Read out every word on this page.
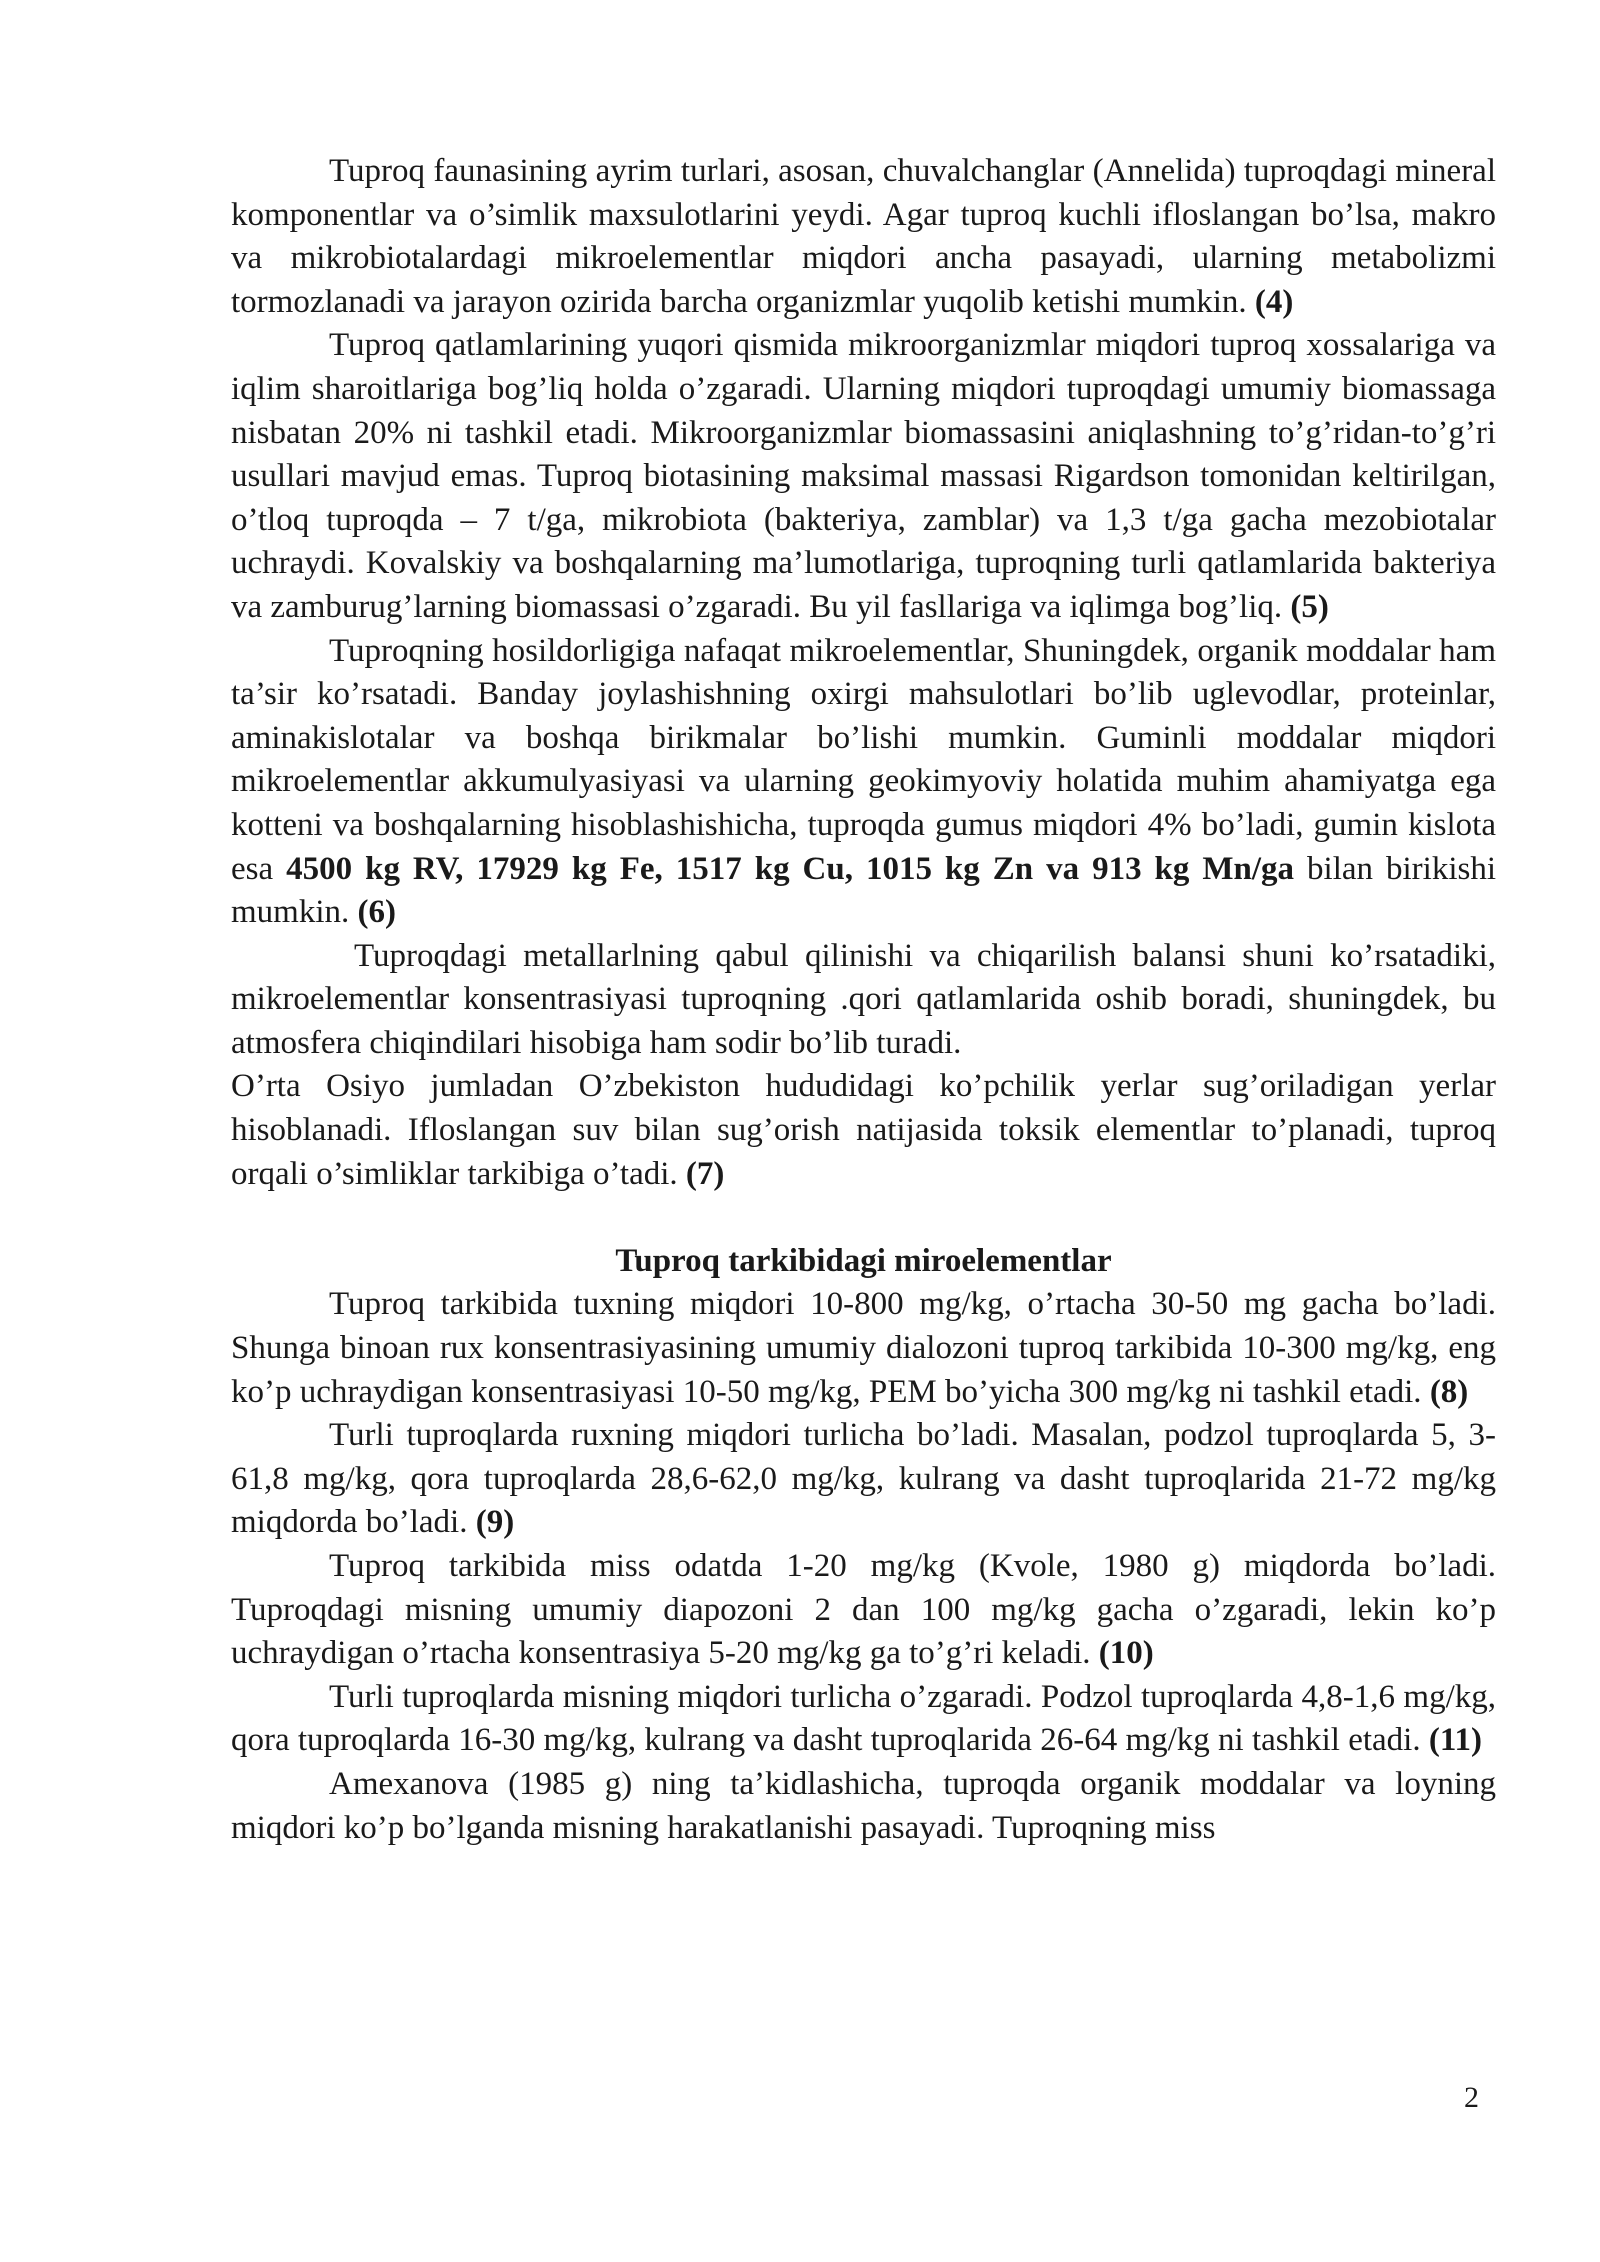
Tuproq faunasining ayrim turlari, asosan, chuvalchanglar (Annelida) tuproqdagi mineral komponentlar va o’simlik maxsulotlarini yeydi. Agar tuproq kuchli ifloslangan bo’lsa, makro va mikrobiotalardagi mikroelementlar miqdori ancha pasayadi, ularning metabolizmi tormozlanadi va jarayon ozirida barcha organizmlar yuqolib ketishi mumkin. (4)

Tuproq qatlamlarining yuqori qismida mikroorganizmlar miqdori tuproq xossalariga va iqlim sharoitlariga bog’liq holda o’zgaradi. Ularning miqdori tuproqdagi umumiy biomassaga nisbatan 20% ni tashkil etadi. Mikroorganizmlar biomassasini aniqlashning to’g’ridan-to’g’ri usullari mavjud emas. Tuproq biotasining maksimal massasi Rigardson tomonidan keltirilgan, o’tloq tuproqda – 7 t/ga, mikrobiota (bakteriya, zamblar) va 1,3 t/ga gacha mezobiotalar uchraydi. Kovalskiy va boshqalarning ma’lumotlariga, tuproqning turli qatlamlarida bakteriya va zamburug’larning biomassasi o’zgaradi. Bu yil fasllariga va iqlimga bog’liq. (5)

Tuproqning hosildorligiga nafaqat mikroelementlar, Shuningdek, organik moddalar ham ta’sir ko’rsatadi. Banday joylashishning oxirgi mahsulotlari bo’lib uglevodlar, proteinlar, aminakislotalar va boshqa birikmalar bo’lishi mumkin. Guminli moddalar miqdori mikroelementlar akkumulyasiyasi va ularning geokimyoviy holatida muhim ahamiyatga ega kotteni va boshqalarning hisoblashishicha, tuproqda gumus miqdori 4% bo’ladi, gumin kislota esa 4500 kg RV, 17929 kg Fe, 1517 kg Cu, 1015 kg Zn va 913 kg Mn/ga bilan birikishi mumkin. (6)

Tuproqdagi metallarlning qabul qilinishi va chiqarilish balansi shuni ko’rsatadiki, mikroelementlar konsentrasiyasi tuproqning .qori qatlamlarida oshib boradi, shuningdek, bu atmosfera chiqindilari hisobiga ham sodir bo’lib turadi.

O’rta Osiyo jumladan O’zbekiston hududidagi ko’pchilik yerlar sug’oriladigan yerlar hisoblanadi. Ifloslangan suv bilan sug’orish natijasida toksik elementlar to’planadi, tuproq orqali o’simliklar tarkibiga o’tadi. (7)

Tuproq tarkibidagi miroelementlar

Tuproq tarkibida tuxning miqdori 10-800 mg/kg, o’rtacha 30-50 mg gacha bo’ladi. Shunga binoan rux konsentrasiyasining umumiy dialozoni tuproq tarkibida 10-300 mg/kg, eng ko’p uchraydigan konsentrasiyasi 10-50 mg/kg, PEM bo’yicha 300 mg/kg ni tashkil etadi. (8)

Turli tuproqlarda ruxning miqdori turlicha bo’ladi. Masalan, podzol tuproqlarda 5, 3-61,8 mg/kg, qora tuproqlarda 28,6-62,0 mg/kg, kulrang va dasht tuproqlarida 21-72 mg/kg miqdorda bo’ladi. (9)

Tuproq tarkibida miss odatda 1-20 mg/kg (Kvole, 1980 g) miqdorda bo’ladi. Tuproqdagi misning umumiy diapozoni 2 dan 100 mg/kg gacha o’zgaradi, lekin ko’p uchraydigan o’rtacha konsentrasiya 5-20 mg/kg ga to’g’ri keladi. (10)

Turli tuproqlarda misning miqdori turlicha o’zgaradi. Podzol tuproqlarda 4,8-1,6 mg/kg, qora tuproqlarda 16-30 mg/kg, kulrang va dasht tuproqlarida 26-64 mg/kg ni tashkil etadi. (11)

Amexanova (1985 g) ning ta’kidlashicha, tuproqda organik moddalar va loyning miqdori ko’p bo’lganda misning harakatlanishi pasayadi. Tuproqning miss

2
